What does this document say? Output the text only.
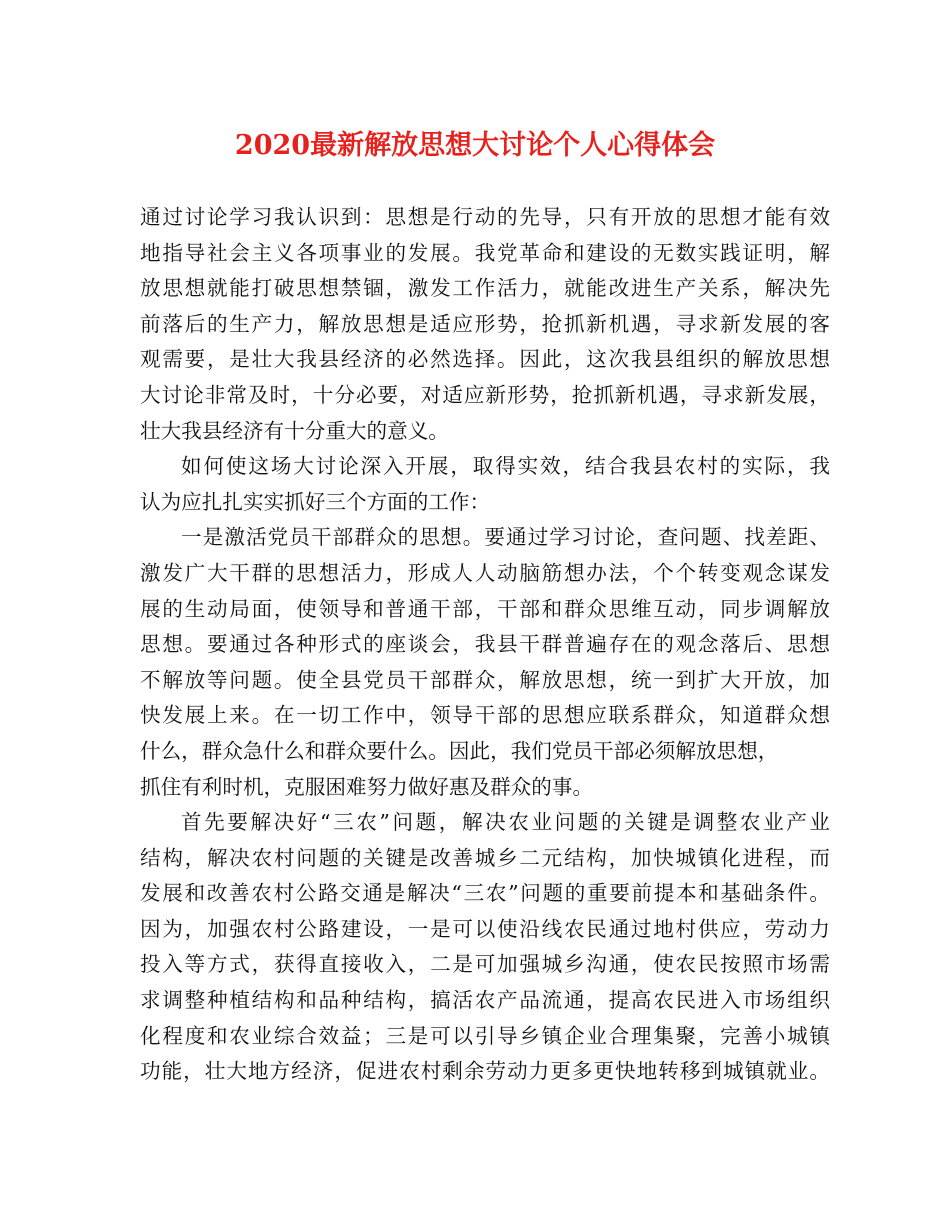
2020最新解放思想大讨论个人心得体会
通过讨论学习我认识到：思想是行动的先导，只有开放的思想才能有效
地指导社会主义各项事业的发展。我党革命和建设的无数实践证明，解
放思想就能打破思想禁锢，激发工作活力，就能改进生产关系，解决先
前落后的生产力，解放思想是适应形势，抢抓新机遇，寻求新发展的客
观需要，是壮大我县经济的必然选择。因此，这次我县组织的解放思想
大讨论非常及时，十分必要，对适应新形势，抢抓新机遇，寻求新发展，
壮大我县经济有十分重大的意义。
如何使这场大讨论深入开展，取得实效，结合我县农村的实际，我
认为应扎扎实实抓好三个方面的工作：
一是激活党员干部群众的思想。要通过学习讨论，查问题、找差距、
激发广大干群的思想活力，形成人人动脑筋想办法，个个转变观念谋发
展的生动局面，使领导和普通干部，干部和群众思维互动，同步调解放
思想。要通过各种形式的座谈会，我县干群普遍存在的观念落后、思想
不解放等问题。使全县党员干部群众，解放思想，统一到扩大开放，加
快发展上来。在一切工作中，领导干部的思想应联系群众，知道群众想
什么，群众急什么和群众要什么。因此，我们党员干部必须解放思想，
抓住有利时机，克服困难努力做好惠及群众的事。
首先要解决好“三农”问题，解决农业问题的关键是调整农业产业
结构，解决农村问题的关键是改善城乡二元结构，加快城镇化进程，而
发展和改善农村公路交通是解决“三农”问题的重要前提本和基础条件。
因为，加强农村公路建设，一是可以使沿线农民通过地村供应，劳动力
投入等方式，获得直接收入，二是可加强城乡沟通，使农民按照市场需
求调整种植结构和品种结构，搞活农产品流通，提高农民进入市场组织
化程度和农业综合效益；三是可以引导乡镇企业合理集聚，完善小城镇
功能，壮大地方经济，促进农村剩余劳动力更多更快地转移到城镇就业。
